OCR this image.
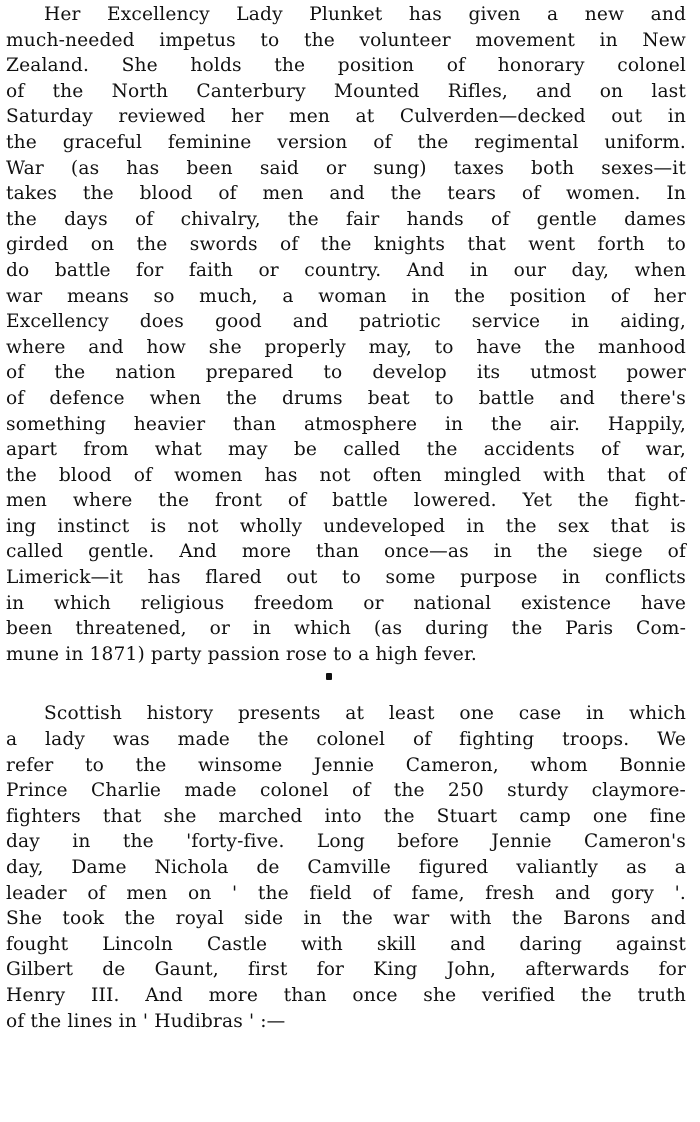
Her Excellency Lady Plunket has given a new and
much-needed impetus to the volunteer movement in New
Zealand. She holds the position of honorary colonel
of the North Canterbury Mounted Rifles, and on last
Saturday reviewed her men at Culverden—decked out in
the graceful feminine version of the regimental uniform.
War (as has been said or sung) taxes both sexes—it
takes the blood of men and the tears of women. In
the days of chivalry, the fair hands of gentle dames
girded on the swords of the knights that went forth to
do battle for faith or country. And in our day, when
war means so much, a woman in the position of her
Excellency does good and patriotic service in aiding,
where and how she properly may, to have the manhood
of the nation prepared to develop its utmost power
of defence when the drums beat to battle and there's
something heavier than atmosphere in the air. Happily,
apart from what may be called the accidents of war,
the blood of women has not often mingled with that of
men where the front of battle lowered. Yet the fight-
ing instinct is not wholly undeveloped in the sex that is
called gentle. And more than once—as in the siege of
Limerick—it has flared out to some purpose in conflicts
in which religious freedom or national existence have
been threatened, or in which (as during the Paris Com-
mune in 1871) party passion rose to a high fever.
Scottish history presents at least one case in which
a lady was made the colonel of fighting troops. We
refer to the winsome Jennie Cameron, whom Bonnie
Prince Charlie made colonel of the 250 sturdy claymore-
fighters that she marched into the Stuart camp one fine
day in the 'forty-five. Long before Jennie Cameron's
day, Dame Nichola de Camville figured valiantly as a
leader of men on ' the field of fame, fresh and gory '.
She took the royal side in the war with the Barons and
fought Lincoln Castle with skill and daring against
Gilbert de Gaunt, first for King John, afterwards for
Henry III. And more than once she verified the truth
of the lines in ' Hudibras ' :—
